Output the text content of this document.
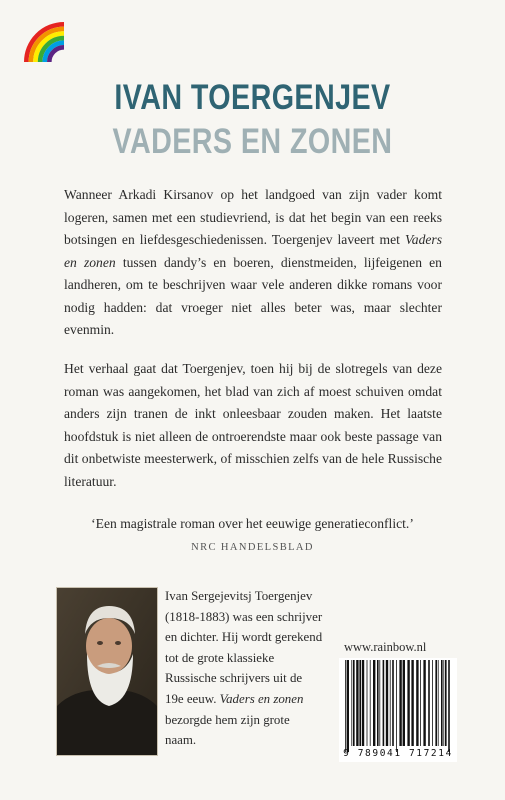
IVAN TOERGENJEV
VADERS EN ZONEN

Wanneer Arkadi Kirsanov op het landgoed van zijn vader komt logeren, samen met een studievriend, is dat het begin van een reeks botsingen en liefdesgeschiedenissen. Toergenjev laveert met Vaders en zonen tussen dandy’s en boeren, dienstmeiden, lijfeigenen en landheren, om te beschrijven waar vele anderen dikke romans voor nodig hadden: dat vroeger niet alles beter was, maar slechter evenmin.

Het verhaal gaat dat Toergenjev, toen hij bij de slotregels van deze roman was aangekomen, het blad van zich af moest schuiven omdat anders zijn tranen de inkt onleesbaar zouden maken. Het laatste hoofdstuk is niet alleen de ontroerendste maar ook beste passage van dit onbetwiste meesterwerk, of misschien zelfs van de hele Russische literatuur.

‘Een magistrale roman over het eeuwige generatieconflict.’
NRC HANDELSBLAD
Ivan Sergejevitsj Toergenjev (1818-1883) was een schrijver en dichter. Hij wordt gerekend tot de grote klassieke Russische schrijvers uit de 19e eeuw. Vaders en zonen bezorgde hem zijn grote naam.
www.rainbow.nl
9 789041 717214
